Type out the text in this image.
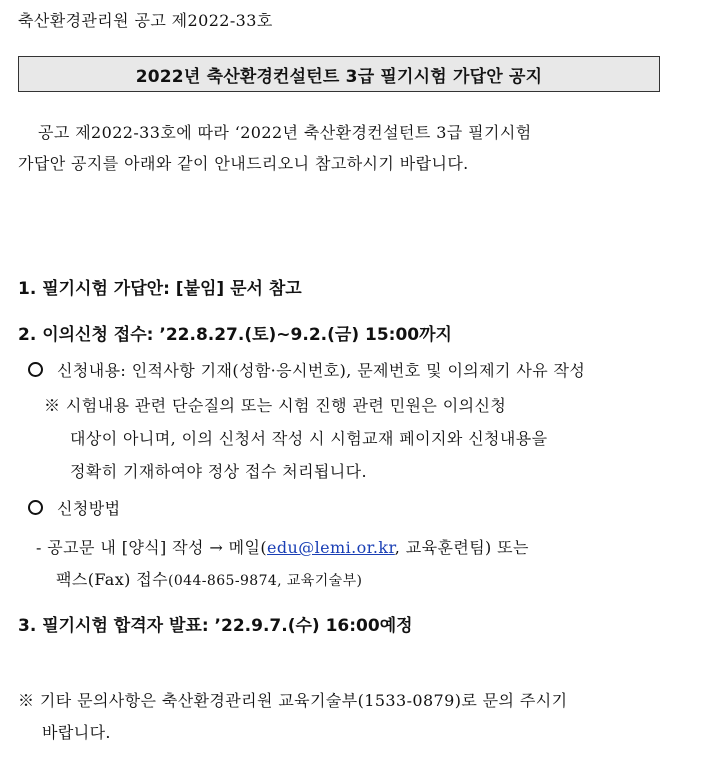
축산환경관리원 공고 제2022-33호
2022년 축산환경컨설턴트 3급 필기시험 가답안 공지
공고 제2022-33호에 따라 ‘2022년 축산환경컨설턴트 3급 필기시험
가답안 공지를 아래와 같이 안내드리오니 참고하시기 바랍니다.
1. 필기시험 가답안: [붙임] 문서 참고
2. 이의신청 접수: ’22.8.27.(토)~9.2.(금) 15:00까지
신청내용: 인적사항 기재(성함·응시번호), 문제번호 및 이의제기 사유 작성
※ 시험내용 관련 단순질의 또는 시험 진행 관련 민원은 이의신청
대상이 아니며, 이의 신청서 작성 시 시험교재 페이지와 신청내용을
정확히 기재하여야 정상 접수 처리됩니다.
신청방법
- 공고문 내 [양식] 작성 → 메일(edu@lemi.or.kr, 교육훈련팀) 또는
팩스(Fax) 접수(044-865-9874, 교육기술부)
3. 필기시험 합격자 발표: ’22.9.7.(수) 16:00예정
※ 기타 문의사항은 축산환경관리원 교육기술부(1533-0879)로 문의 주시기
바랍니다.
